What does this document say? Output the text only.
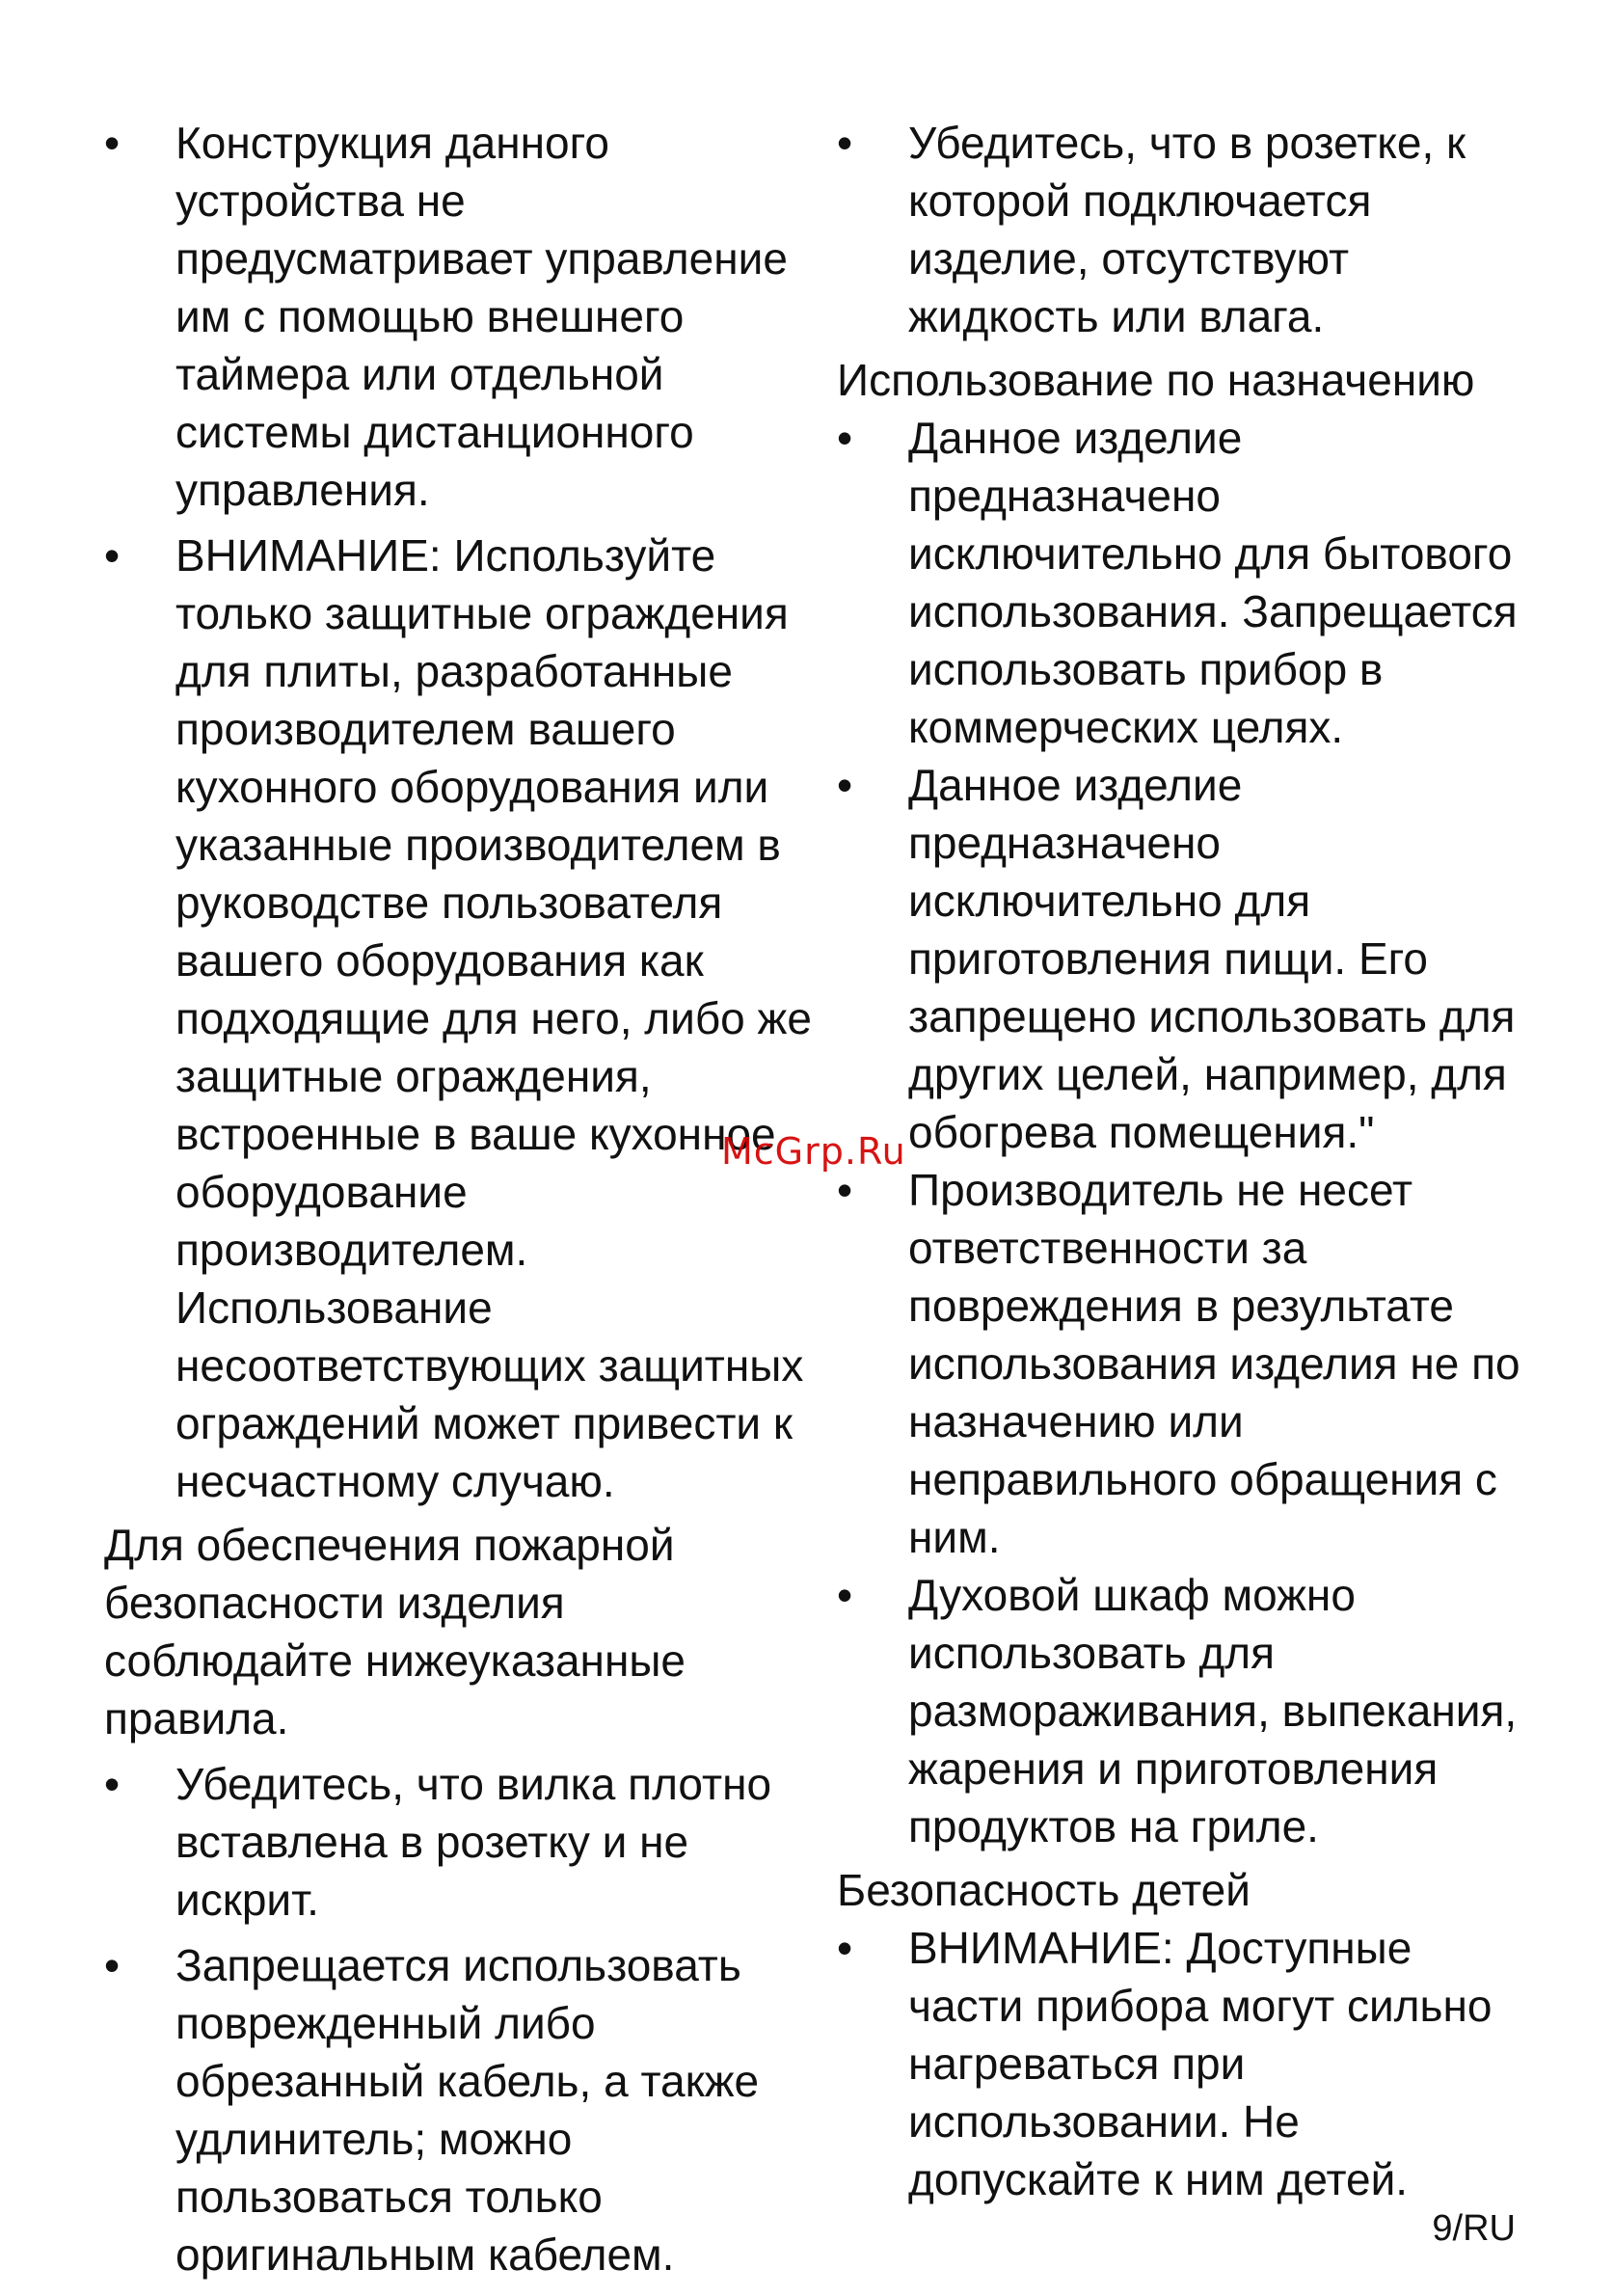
•	Конструкция данного устройства не предусматривает управление им с помощью внешнего таймера или отдельной системы дистанционного управления.
•	ВНИМАНИЕ: Используйте только защитные ограждения для плиты, разработанные производителем вашего кухонного оборудования или указанные производителем в руководстве пользователя вашего оборудования как подходящие для него, либо же защитные ограждения, встроенные в ваше кухонное оборудование производителем. Использование несоответствующих защитных ограждений может привести к несчастному случаю.

Для обеспечения пожарной безопасности изделия соблюдайте нижеуказанные правила.

•	Убедитесь, что вилка плотно вставлена в розетку и не искрит.
•	Запрещается использовать поврежденный либо обрезанный кабель, а также удлинитель; можно пользоваться только оригинальным кабелем.
•	Убедитесь, что в розетке, к которой подключается изделие, отсутствуют жидкость или влага.

Использование по назначению

•	Данное изделие предназначено исключительно для бытового использования. Запрещается использовать прибор в коммерческих целях.
•	Данное изделие предназначено исключительно для приготовления пищи. Его запрещено использовать для других целей, например, для обогрева помещения."
•	Производитель не несет ответственности за повреждения в результате использования изделия не по назначению или неправильного обращения с ним.
•	Духовой шкаф можно использовать для размораживания, выпекания, жарения и приготовления продуктов на гриле.

Безопасность детей

•	ВНИМАНИЕ: Доступные части прибора могут сильно нагреваться при использовании. Не допускайте к ним детей.
McGrp.Ru
9/RU
